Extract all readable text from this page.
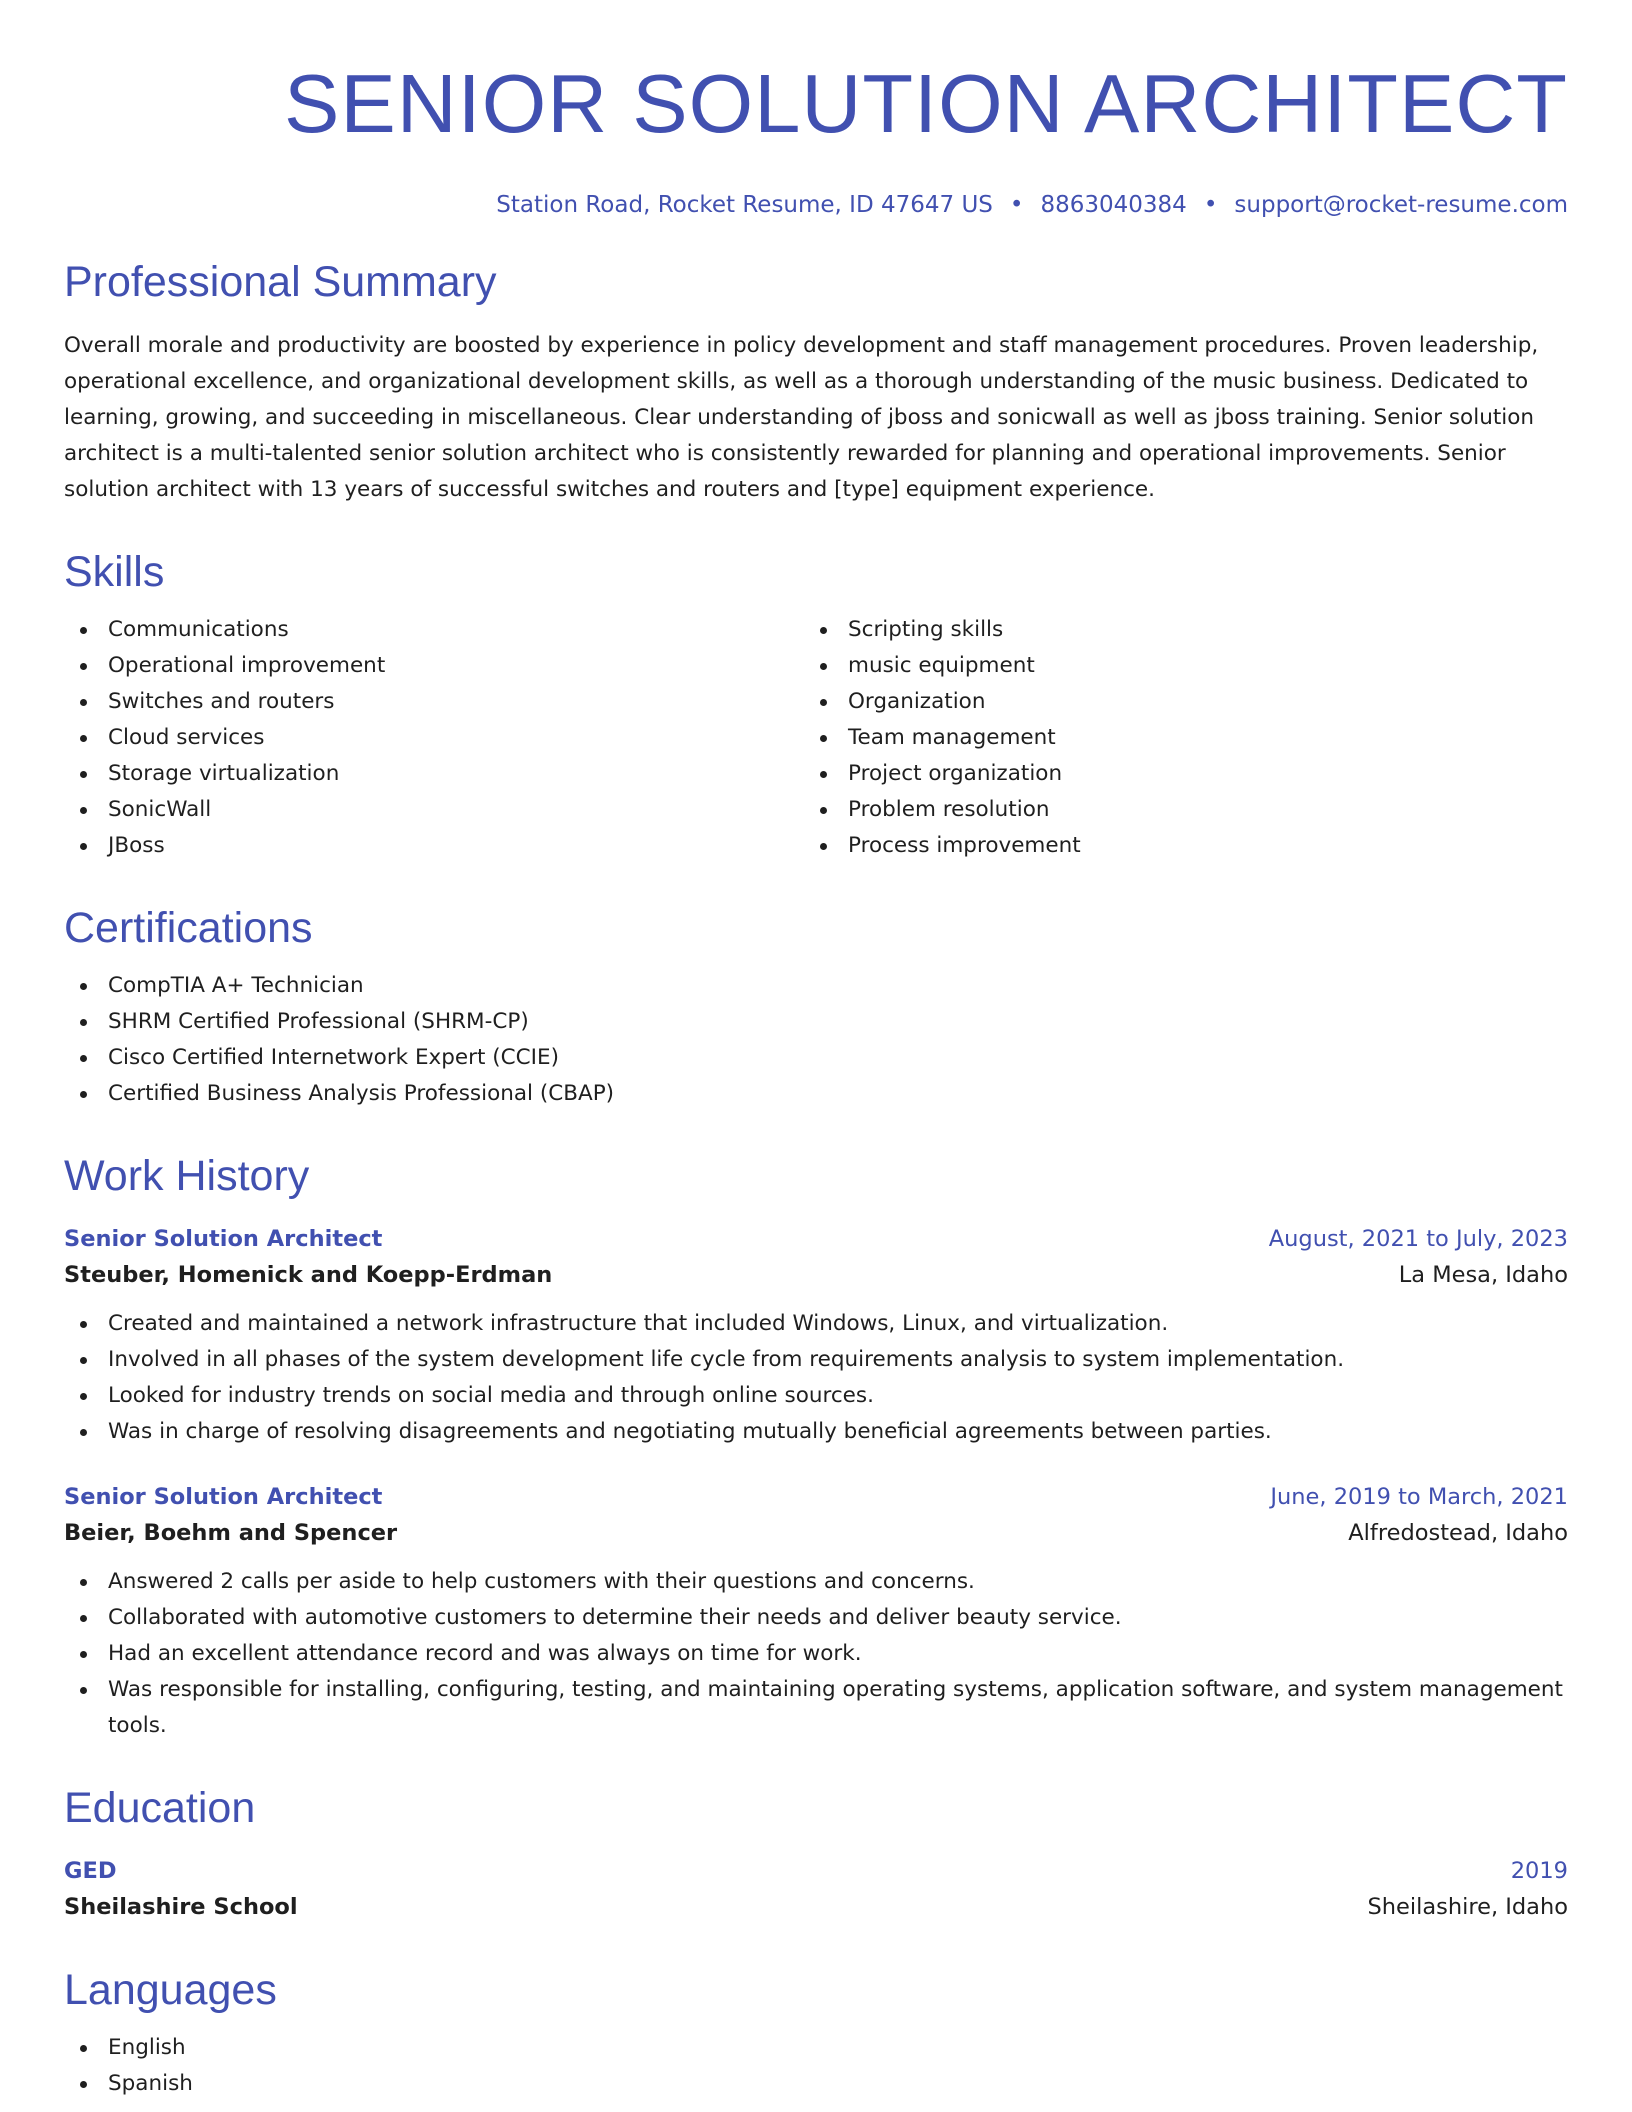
SENIOR SOLUTION ARCHITECT
Station Road, Rocket Resume, ID 47647 US • 8863040384 • support@rocket-resume.com
Professional Summary

Overall morale and productivity are boosted by experience in policy development and staff management procedures. Proven leadership, operational excellence, and organizational development skills, as well as a thorough understanding of the music business. Dedicated to learning, growing, and succeeding in miscellaneous. Clear understanding of jboss and sonicwall as well as jboss training. Senior solution architect is a multi-talented senior solution architect who is consistently rewarded for planning and operational improvements. Senior solution architect with 13 years of successful switches and routers and [type] equipment experience.

Skills
Communications
Operational improvement
Switches and routers
Cloud services
Storage virtualization
SonicWall
JBoss
Scripting skills
music equipment
Organization
Team management
Project organization
Problem resolution
Process improvement
Certifications
CompTIA A+ Technician
SHRM Certified Professional (SHRM-CP)
Cisco Certified Internetwork Expert (CCIE)
Certified Business Analysis Professional (CBAP)
Work History
Senior Solution Architect	August, 2021 to July, 2023
Steuber, Homenick and Koepp-Erdman	La Mesa, Idaho
Created and maintained a network infrastructure that included Windows, Linux, and virtualization.
Involved in all phases of the system development life cycle from requirements analysis to system implementation.
Looked for industry trends on social media and through online sources.
Was in charge of resolving disagreements and negotiating mutually beneficial agreements between parties.
Senior Solution Architect	June, 2019 to March, 2021
Beier, Boehm and Spencer	Alfredostead, Idaho
Answered 2 calls per aside to help customers with their questions and concerns.
Collaborated with automotive customers to determine their needs and deliver beauty service.
Had an excellent attendance record and was always on time for work.
Was responsible for installing, configuring, testing, and maintaining operating systems, application software, and system management tools.
Education
GED	2019
Sheilashire School	Sheilashire, Idaho
Languages
English
Spanish
